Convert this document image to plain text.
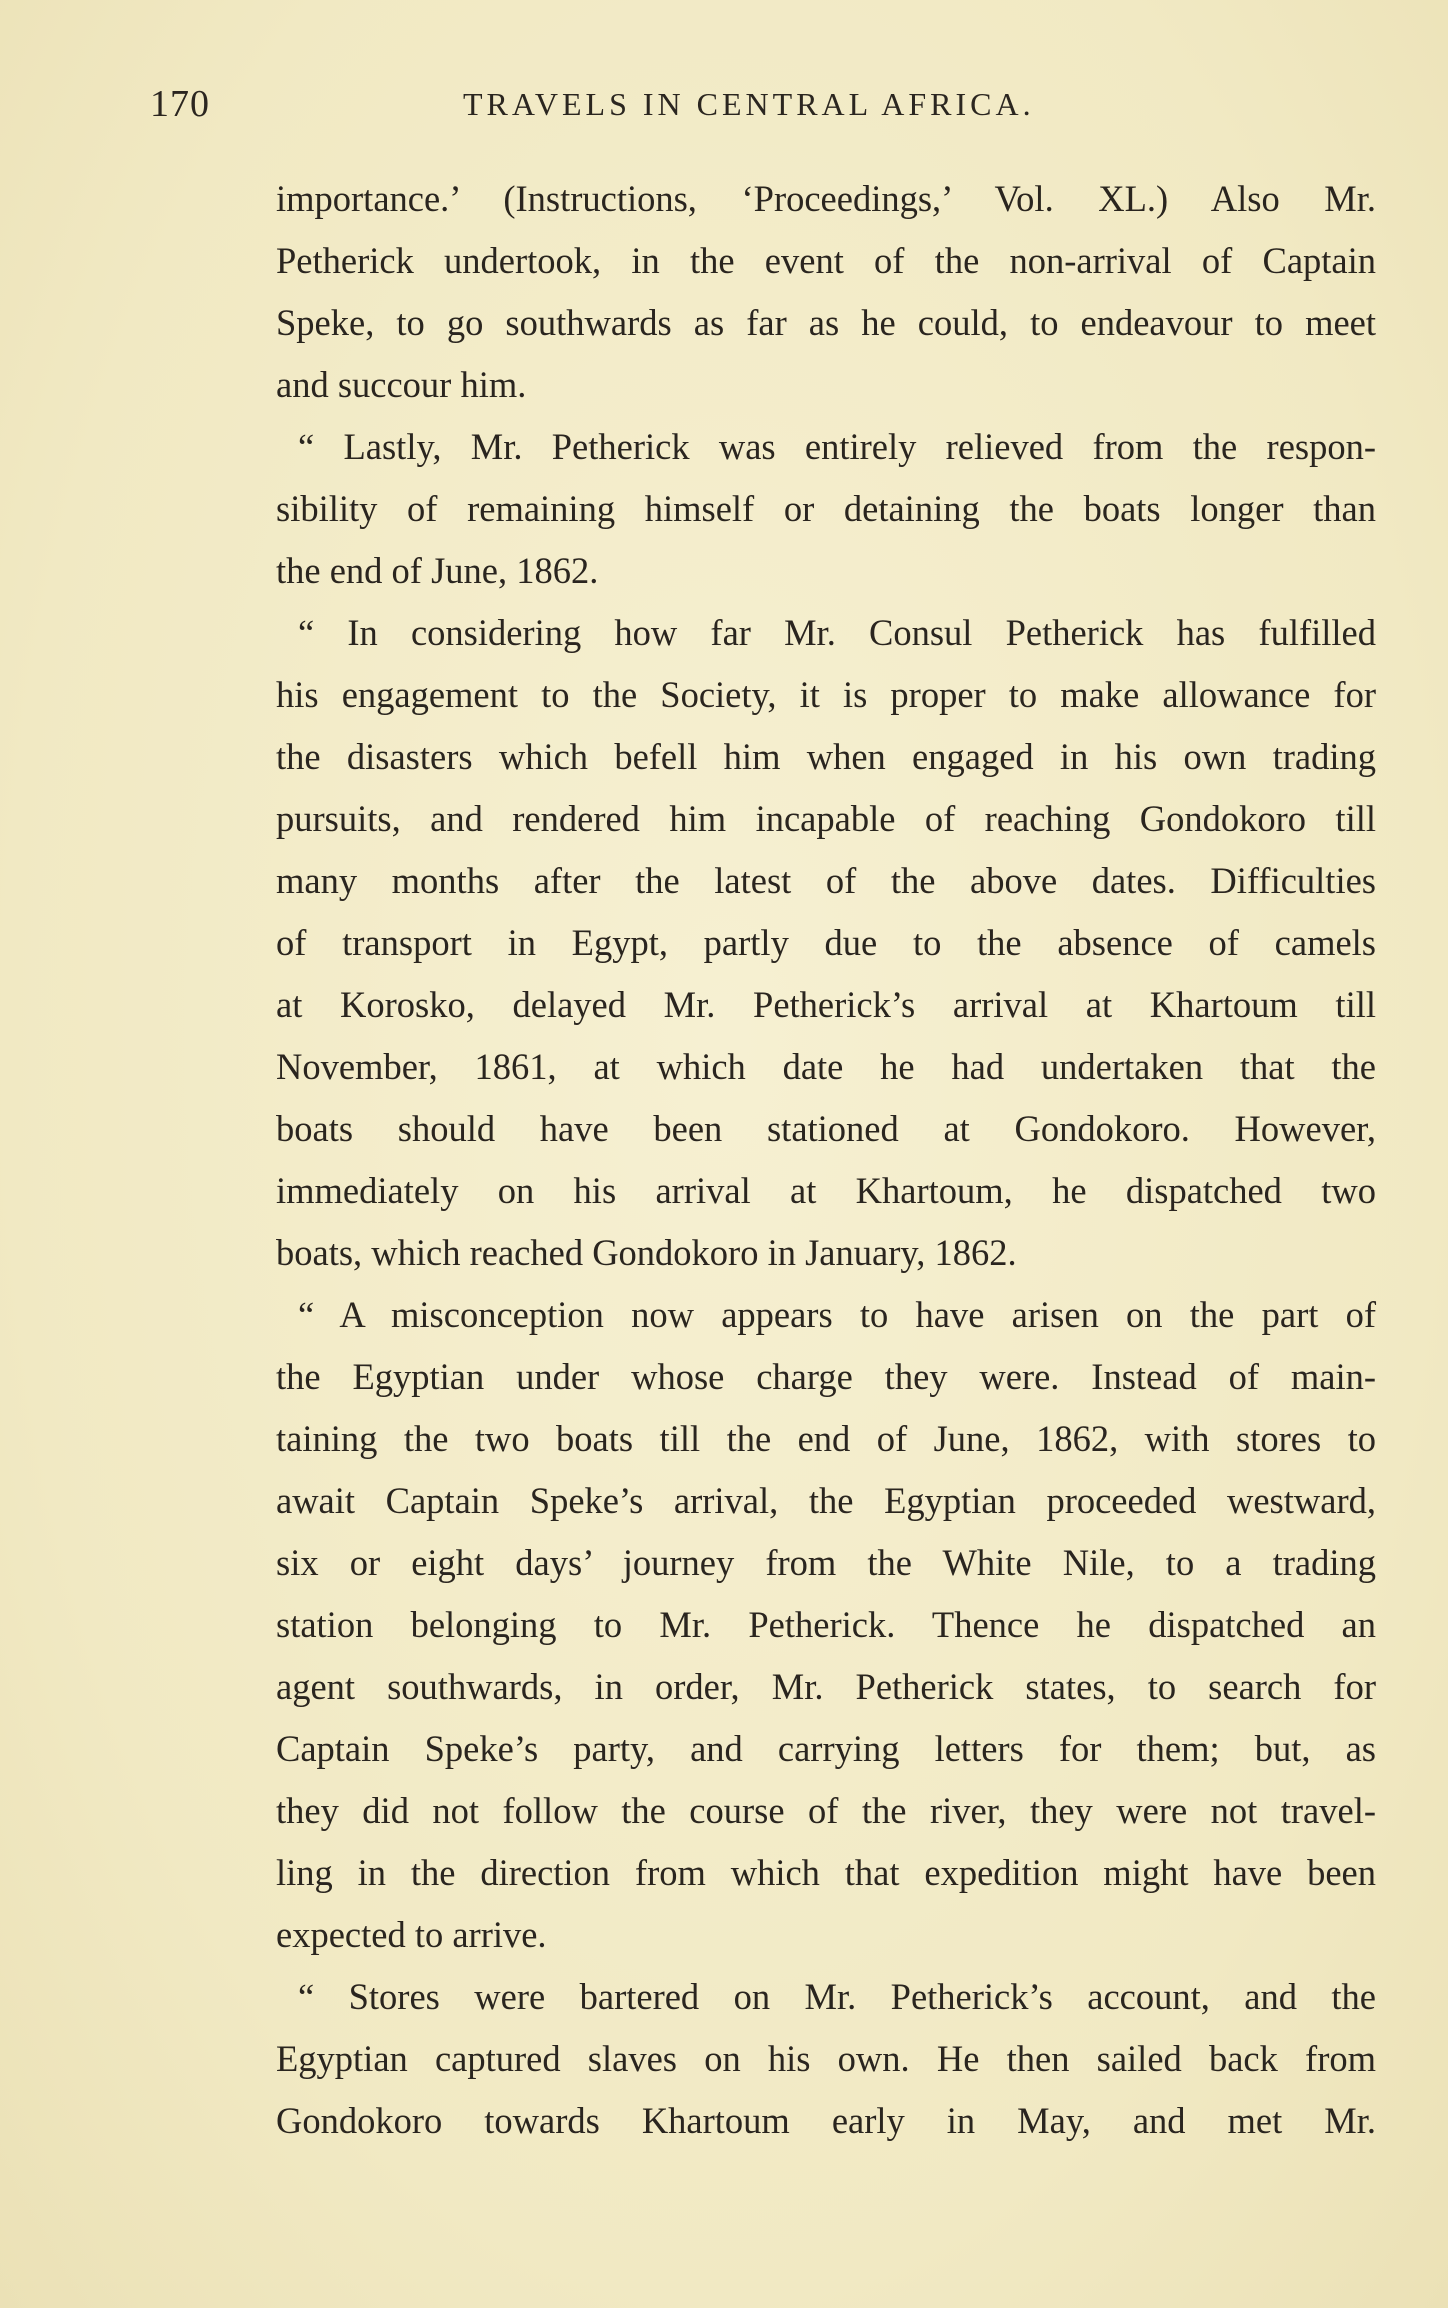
170	TRAVELS IN CENTRAL AFRICA.
importance.’ (Instructions, ‘Proceedings,’ Vol. XL.) Also Mr.
Petherick undertook, in the event of the non-arrival of Captain
Speke, to go southwards as far as he could, to endeavour to meet
and succour him.
“ Lastly, Mr. Petherick was entirely relieved from the respon-
sibility of remaining himself or detaining the boats longer than
the end of June, 1862.
“ In considering how far Mr. Consul Petherick has fulfilled
his engagement to the Society, it is proper to make allowance for
the disasters which befell him when engaged in his own trading
pursuits, and rendered him incapable of reaching Gondokoro till
many months after the latest of the above dates. Difficulties
of transport in Egypt, partly due to the absence of camels
at Korosko, delayed Mr. Petherick’s arrival at Khartoum till
November, 1861, at which date he had undertaken that the
boats should have been stationed at Gondokoro. However,
immediately on his arrival at Khartoum, he dispatched two
boats, which reached Gondokoro in January, 1862.
“ A misconception now appears to have arisen on the part of
the Egyptian under whose charge they were. Instead of main-
taining the two boats till the end of June, 1862, with stores to
await Captain Speke’s arrival, the Egyptian proceeded westward,
six or eight days’ journey from the White Nile, to a trading
station belonging to Mr. Petherick. Thence he dispatched an
agent southwards, in order, Mr. Petherick states, to search for
Captain Speke’s party, and carrying letters for them; but, as
they did not follow the course of the river, they were not travel-
ling in the direction from which that expedition might have been
expected to arrive.
“ Stores were bartered on Mr. Petherick’s account, and the
Egyptian captured slaves on his own. He then sailed back from
Gondokoro towards Khartoum early in May, and met Mr.
